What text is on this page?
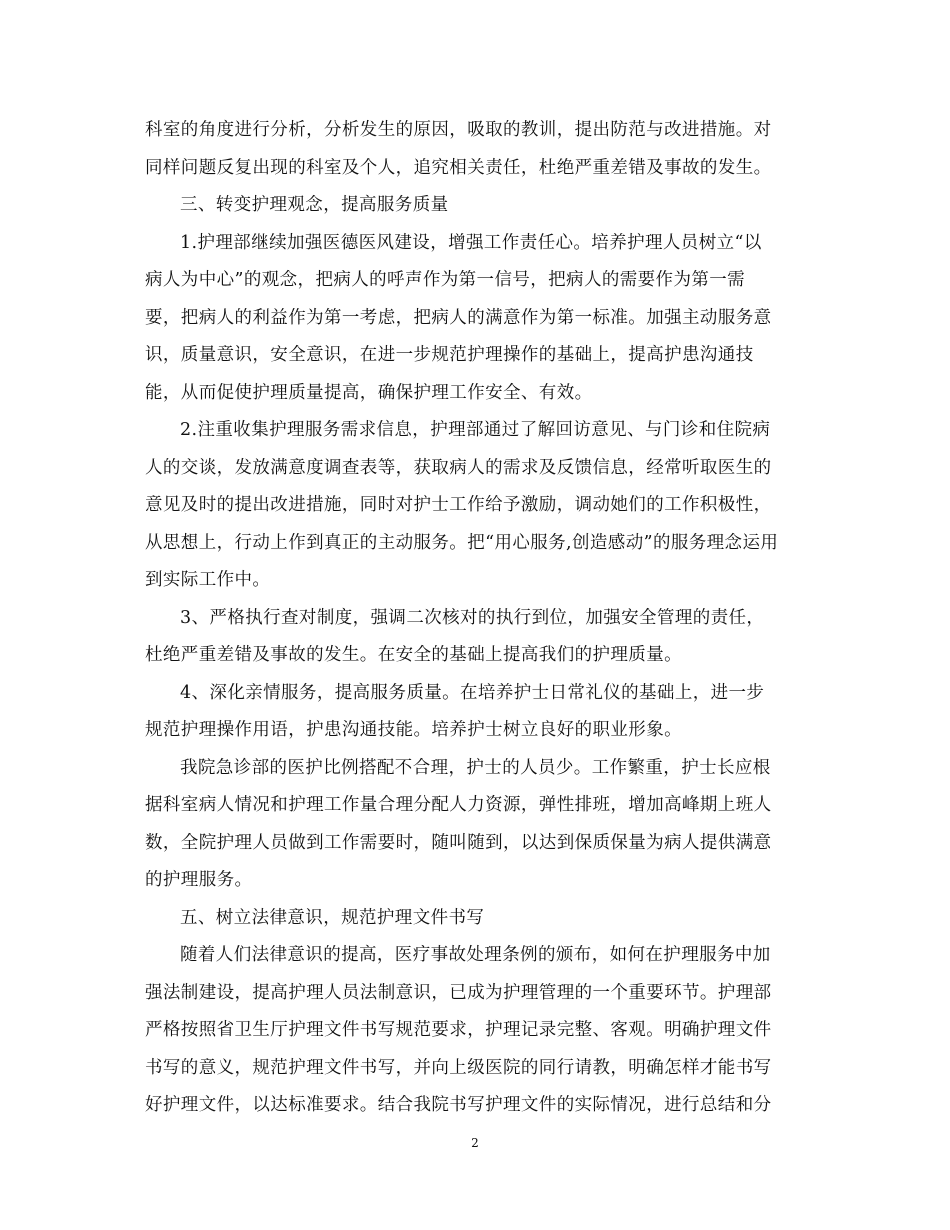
科室的角度进行分析，分析发生的原因，吸取的教训，提出防范与改进措施。对
同样问题反复出现的科室及个人，追究相关责任，杜绝严重差错及事故的发生。
三、转变护理观念，提高服务质量
1.护理部继续加强医德医风建设，增强工作责任心。培养护理人员树立“以
病人为中心”的观念，把病人的呼声作为第一信号，把病人的需要作为第一需
要，把病人的利益作为第一考虑，把病人的满意作为第一标准。加强主动服务意
识，质量意识，安全意识，在进一步规范护理操作的基础上，提高护患沟通技
能，从而促使护理质量提高，确保护理工作安全、有效。
2.注重收集护理服务需求信息，护理部通过了解回访意见、与门诊和住院病
人的交谈，发放满意度调查表等，获取病人的需求及反馈信息，经常听取医生的
意见及时的提出改进措施，同时对护士工作给予激励，调动她们的工作积极性，
从思想上，行动上作到真正的主动服务。把“用心服务,创造感动”的服务理念运用
到实际工作中。
3、严格执行查对制度，强调二次核对的执行到位，加强安全管理的责任，
杜绝严重差错及事故的发生。在安全的基础上提高我们的护理质量。
4、深化亲情服务，提高服务质量。在培养护士日常礼仪的基础上，进一步
规范护理操作用语，护患沟通技能。培养护士树立良好的职业形象。
我院急诊部的医护比例搭配不合理，护士的人员少。工作繁重，护士长应根
据科室病人情况和护理工作量合理分配人力资源，弹性排班，增加高峰期上班人
数，全院护理人员做到工作需要时，随叫随到，以达到保质保量为病人提供满意
的护理服务。
五、树立法律意识，规范护理文件书写
随着人们法律意识的提高，医疗事故处理条例的颁布，如何在护理服务中加
强法制建设，提高护理人员法制意识，已成为护理管理的一个重要环节。护理部
严格按照省卫生厅护理文件书写规范要求，护理记录完整、客观。明确护理文件
书写的意义，规范护理文件书写，并向上级医院的同行请教，明确怎样才能书写
好护理文件，以达标准要求。结合我院书写护理文件的实际情况，进行总结和分
2
